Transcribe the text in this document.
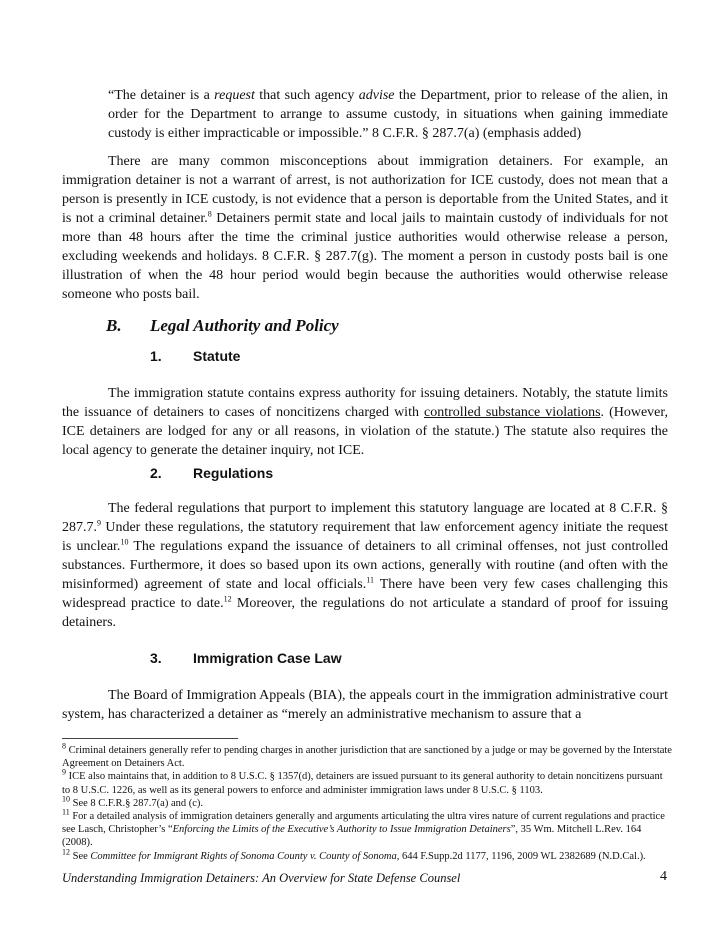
“The detainer is a request that such agency advise the Department, prior to release of the alien, in order for the Department to arrange to assume custody, in situations when gaining immediate custody is either impracticable or impossible.” 8 C.F.R. § 287.7(a) (emphasis added)
There are many common misconceptions about immigration detainers. For example, an immigration detainer is not a warrant of arrest, is not authorization for ICE custody, does not mean that a person is presently in ICE custody, is not evidence that a person is deportable from the United States, and it is not a criminal detainer.$^8$ Detainers permit state and local jails to maintain custody of individuals for not more than 48 hours after the time the criminal justice authorities would otherwise release a person, excluding weekends and holidays. 8 C.F.R. § 287.7(g). The moment a person in custody posts bail is one illustration of when the 48 hour period would begin because the authorities would otherwise release someone who posts bail.
B. Legal Authority and Policy
1. Statute
The immigration statute contains express authority for issuing detainers. Notably, the statute limits the issuance of detainers to cases of noncitizens charged with controlled substance violations. (However, ICE detainers are lodged for any or all reasons, in violation of the statute.) The statute also requires the local agency to generate the detainer inquiry, not ICE.
2. Regulations
The federal regulations that purport to implement this statutory language are located at 8 C.F.R. § 287.7.$^9$ Under these regulations, the statutory requirement that law enforcement agency initiate the request is unclear.$^{10}$ The regulations expand the issuance of detainers to all criminal offenses, not just controlled substances. Furthermore, it does so based upon its own actions, generally with routine (and often with the misinformed) agreement of state and local officials.$^{11}$ There have been very few cases challenging this widespread practice to date.$^{12}$ Moreover, the regulations do not articulate a standard of proof for issuing detainers.
3. Immigration Case Law
The Board of Immigration Appeals (BIA), the appeals court in the immigration administrative court system, has characterized a detainer as “merely an administrative mechanism to assure that a

$^8$ Criminal detainers generally refer to pending charges in another jurisdiction that are sanctioned by a judge or may be governed by the Interstate Agreement on Detainers Act.

$^9$ ICE also maintains that, in addition to 8 U.S.C. § 1357(d), detainers are issued pursuant to its general authority to detain noncitizens pursuant to 8 U.S.C. 1226, as well as its general powers to enforce and administer immigration laws under 8 U.S.C. § 1103.

$^{10}$ See 8 C.F.R.§ 287.7(a) and (c).

$^{11}$ For a detailed analysis of immigration detainers generally and arguments articulating the ultra vires nature of current regulations and practice see Lasch, Christopher’s “Enforcing the Limits of the Executive’s Authority to Issue Immigration Detainers”, 35 Wm. Mitchell L.Rev. 164 (2008).

$^{12}$ See Committee for Immigrant Rights of Sonoma County v. County of Sonoma, 644 F.Supp.2d 1177, 1196, 2009 WL 2382689 (N.D.Cal.).

Understanding Immigration Detainers: An Overview for State Defense Counsel	4
